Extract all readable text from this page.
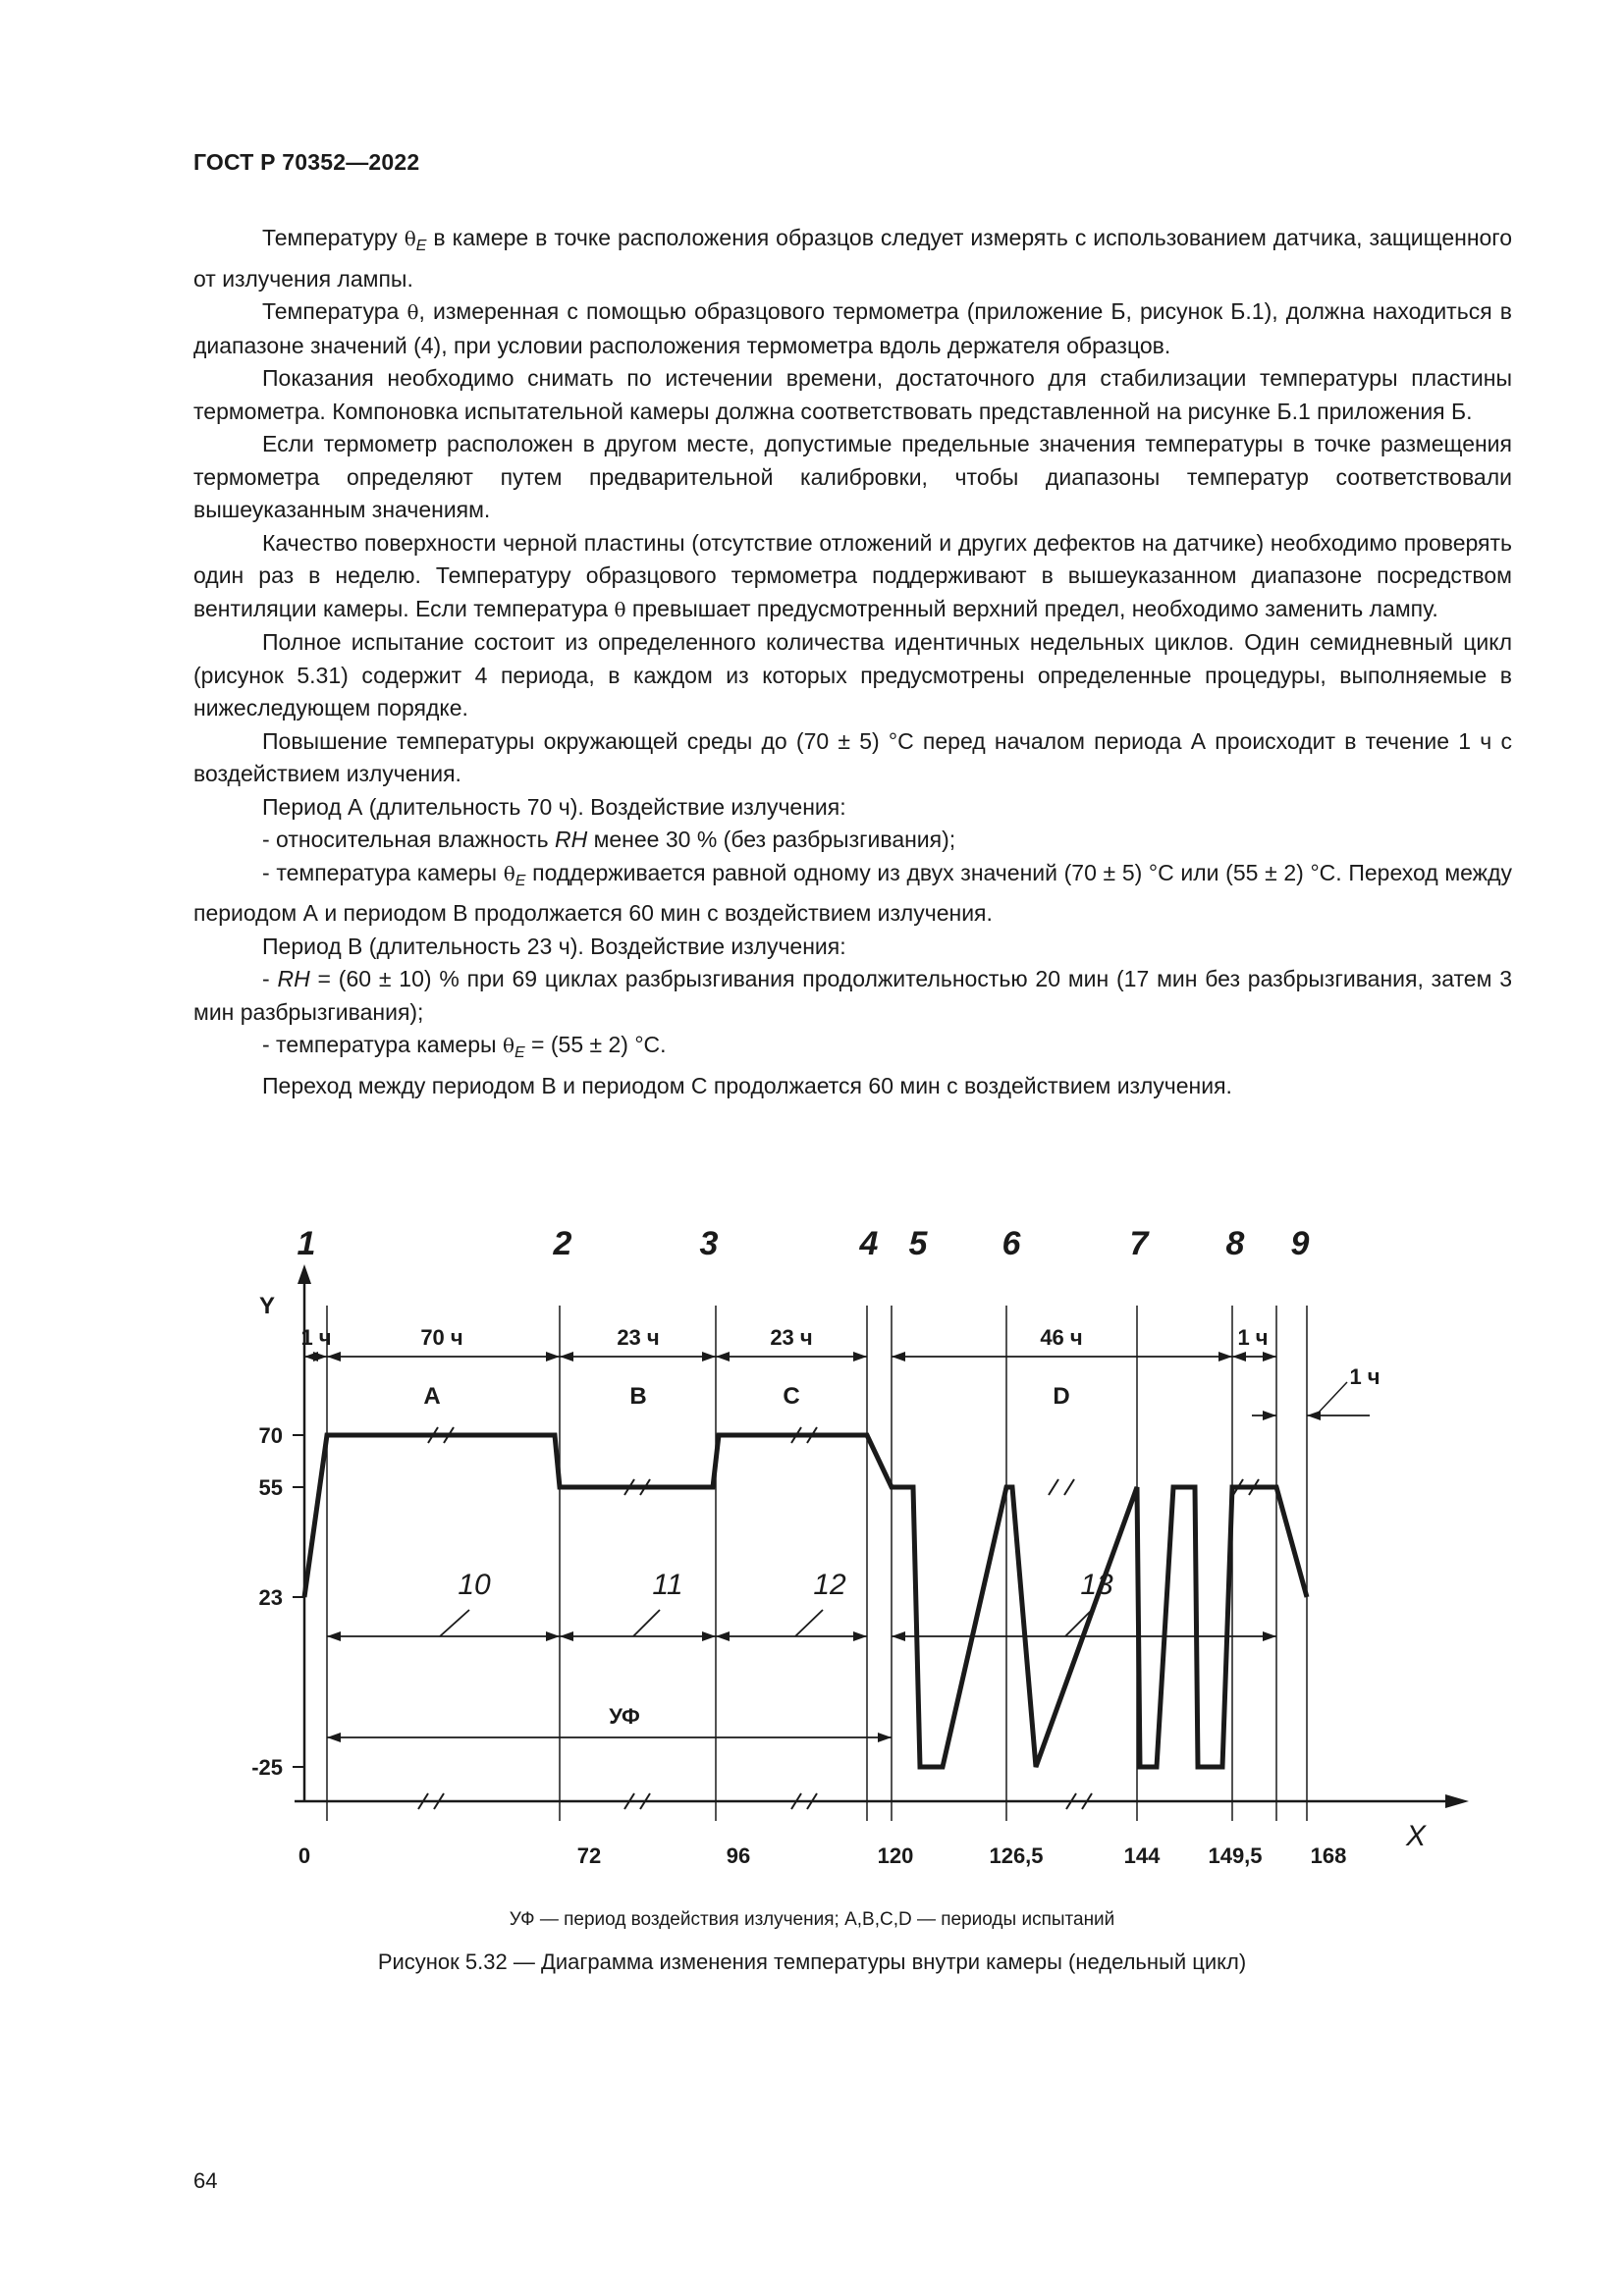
ГОСТ Р 70352—2022

Температуру $\theta_E$ в камере в точке расположения образцов следует измерять с использованием датчика, защищенного от излучения лампы.

Температура θ, измеренная с помощью образцового термометра (приложение Б, рисунок Б.1), должна находиться в диапазоне значений (4), при условии расположения термометра вдоль держателя образцов.

Показания необходимо снимать по истечении времени, достаточного для стабилизации температуры пластины термометра. Компоновка испытательной камеры должна соответствовать представленной на рисунке Б.1 приложения Б.

Если термометр расположен в другом месте, допустимые предельные значения температуры в точке размещения термометра определяют путем предварительной калибровки, чтобы диапазоны температур соответствовали вышеуказанным значениям.

Качество поверхности черной пластины (отсутствие отложений и других дефектов на датчике) необходимо проверять один раз в неделю. Температуру образцового термометра поддерживают в вышеуказанном диапазоне посредством вентиляции камеры. Если температура θ превышает предусмотренный верхний предел, необходимо заменить лампу.

Полное испытание состоит из определенного количества идентичных недельных циклов. Один семидневный цикл (рисунок 5.31) содержит 4 периода, в каждом из которых предусмотрены определенные процедуры, выполняемые в нижеследующем порядке.

Повышение температуры окружающей среды до (70 ± 5) °С перед началом периода А происходит в течение 1 ч с воздействием излучения.

Период А (длительность 70 ч). Воздействие излучения:

- относительная влажность RH менее 30 % (без разбрызгивания);

- температура камеры $\theta_E$ поддерживается равной одному из двух значений (70 ± 5) °С или (55 ± 2) °С. Переход между периодом А и периодом В продолжается 60 мин с воздействием излучения.

Период В (длительность 23 ч). Воздействие излучения:

- RH = (60 ± 10) % при 69 циклах разбрызгивания продолжительностью 20 мин (17 мин без разбрызгивания, затем 3 мин разбрызгивания);

- температура камеры $\theta_E = (55 \pm 2)$ °С.

Переход между периодом В и периодом С продолжается 60 мин с воздействием излучения.

Y
X
1	2	3	4 5 6	7 8 9
70
55
23
-25
0	72	96	120	126,5	144 149,5 168
1 ч	70 ч	23 ч	23 ч	46 ч	1 ч
1 ч
A	B	C	D
10	11	12	13
УФ
УФ — период воздействия излучения; А,В,С,D — периоды испытаний
Рисунок 5.32 — Диаграмма изменения температуры внутри камеры (недельный цикл)
64
